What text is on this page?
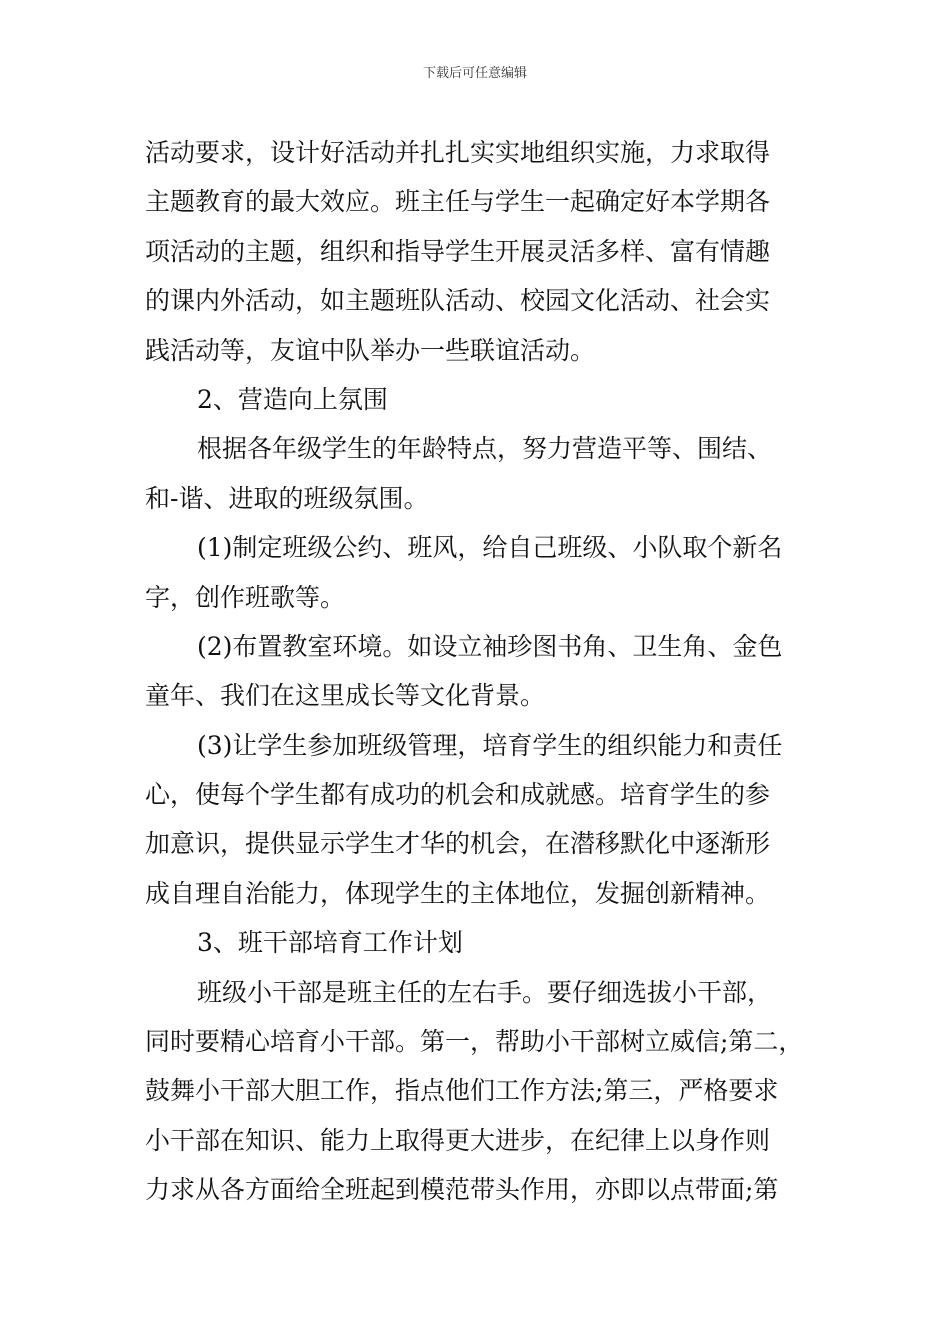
下载后可任意编辑
活动要求，设计好活动并扎扎实实地组织实施，力求取得
主题教育的最大效应。班主任与学生一起确定好本学期各
项活动的主题，组织和指导学生开展灵活多样、富有情趣
的课内外活动，如主题班队活动、校园文化活动、社会实
践活动等，友谊中队举办一些联谊活动。
2、营造向上氛围
根据各年级学生的年龄特点，努力营造平等、围结、
和-谐、进取的班级氛围。
(1)制定班级公约、班风，给自己班级、小队取个新名
字，创作班歌等。
(2)布置教室环境。如设立袖珍图书角、卫生角、金色
童年、我们在这里成长等文化背景。
(3)让学生参加班级管理，培育学生的组织能力和责任
心，使每个学生都有成功的机会和成就感。培育学生的参
加意识，提供显示学生才华的机会，在潜移默化中逐渐形
成自理自治能力，体现学生的主体地位，发掘创新精神。
3、班干部培育工作计划
班级小干部是班主任的左右手。要仔细选拔小干部，
同时要精心培育小干部。第一，帮助小干部树立威信;第二，
鼓舞小干部大胆工作，指点他们工作方法;第三，严格要求
小干部在知识、能力上取得更大进步，在纪律上以身作则
力求从各方面给全班起到模范带头作用，亦即以点带面;第
